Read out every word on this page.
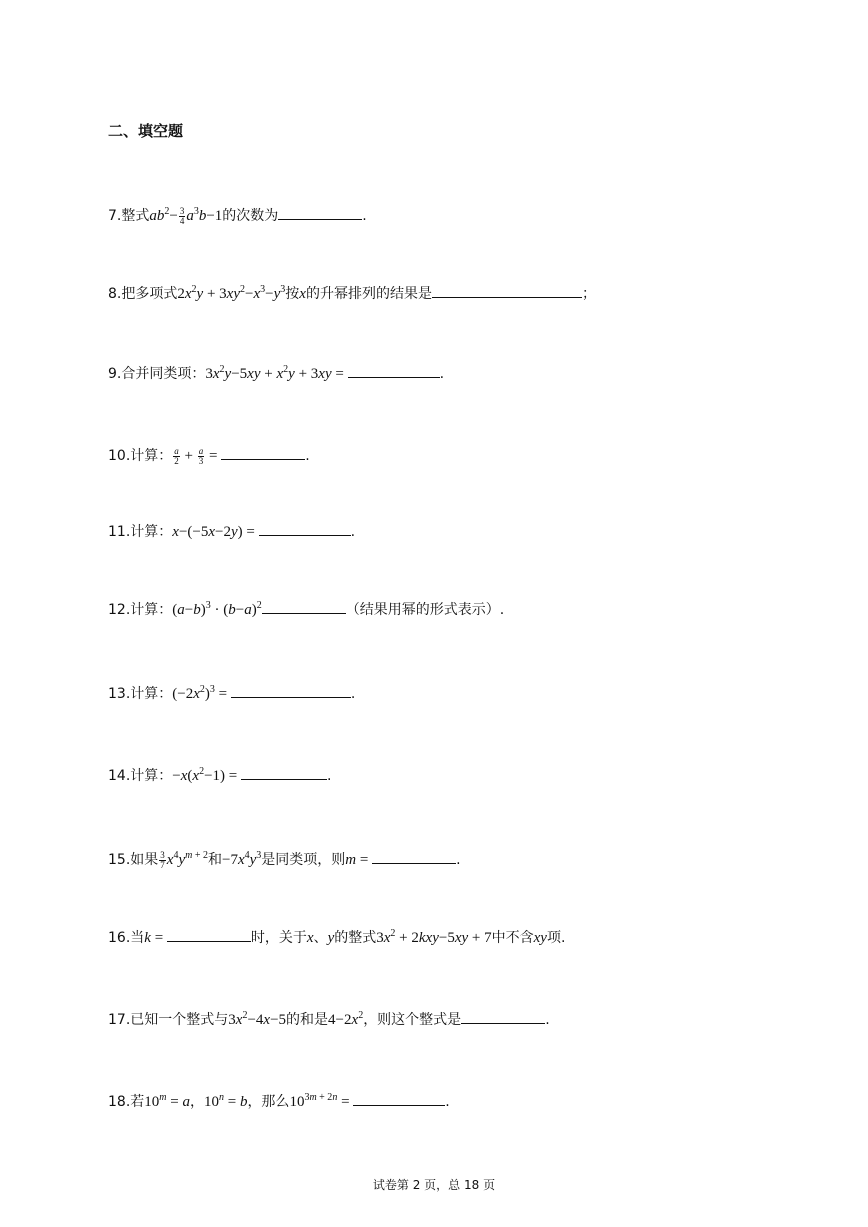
二、填空题
7.整式$ab^2- \frac{3}{4} a^3b-1$的次数为	.
8.把多项式$2x^2y + 3xy^2-x^3-y^3$按x的升幂排列的结果是	；
9.合并同类项：$3x^2y-5xy + x^2y + 3xy$ =	.
10.计算： $\frac{a}{2} + \frac{a}{3}$ =	.
11.计算：x−(−5x−2y) =	.
12.计算：$(a-b)^3 \cdot (b-a)^2$	（结果用幂的形式表示）.
13.计算：$(-2x^2)^3$ =	.
14.计算：$-x(x^2-1)$ =	.
15.如果 $\frac{3}{7} x^4y^{m + 2}$和$-7x^4y^3$是同类项，则m =	.
16.当k =	时，关于x、y的整式$3x^2 + 2kxy-5xy + 7$中不含xy项.
17.已知一个整式与$3x^2-4x-5$的和是$4-2x^2$，则这个整式是	.
18.若$10^m = a$，$10^n = b$，那么$10^{3m + 2n}$ =	.
试卷第 2 页，总 18 页
